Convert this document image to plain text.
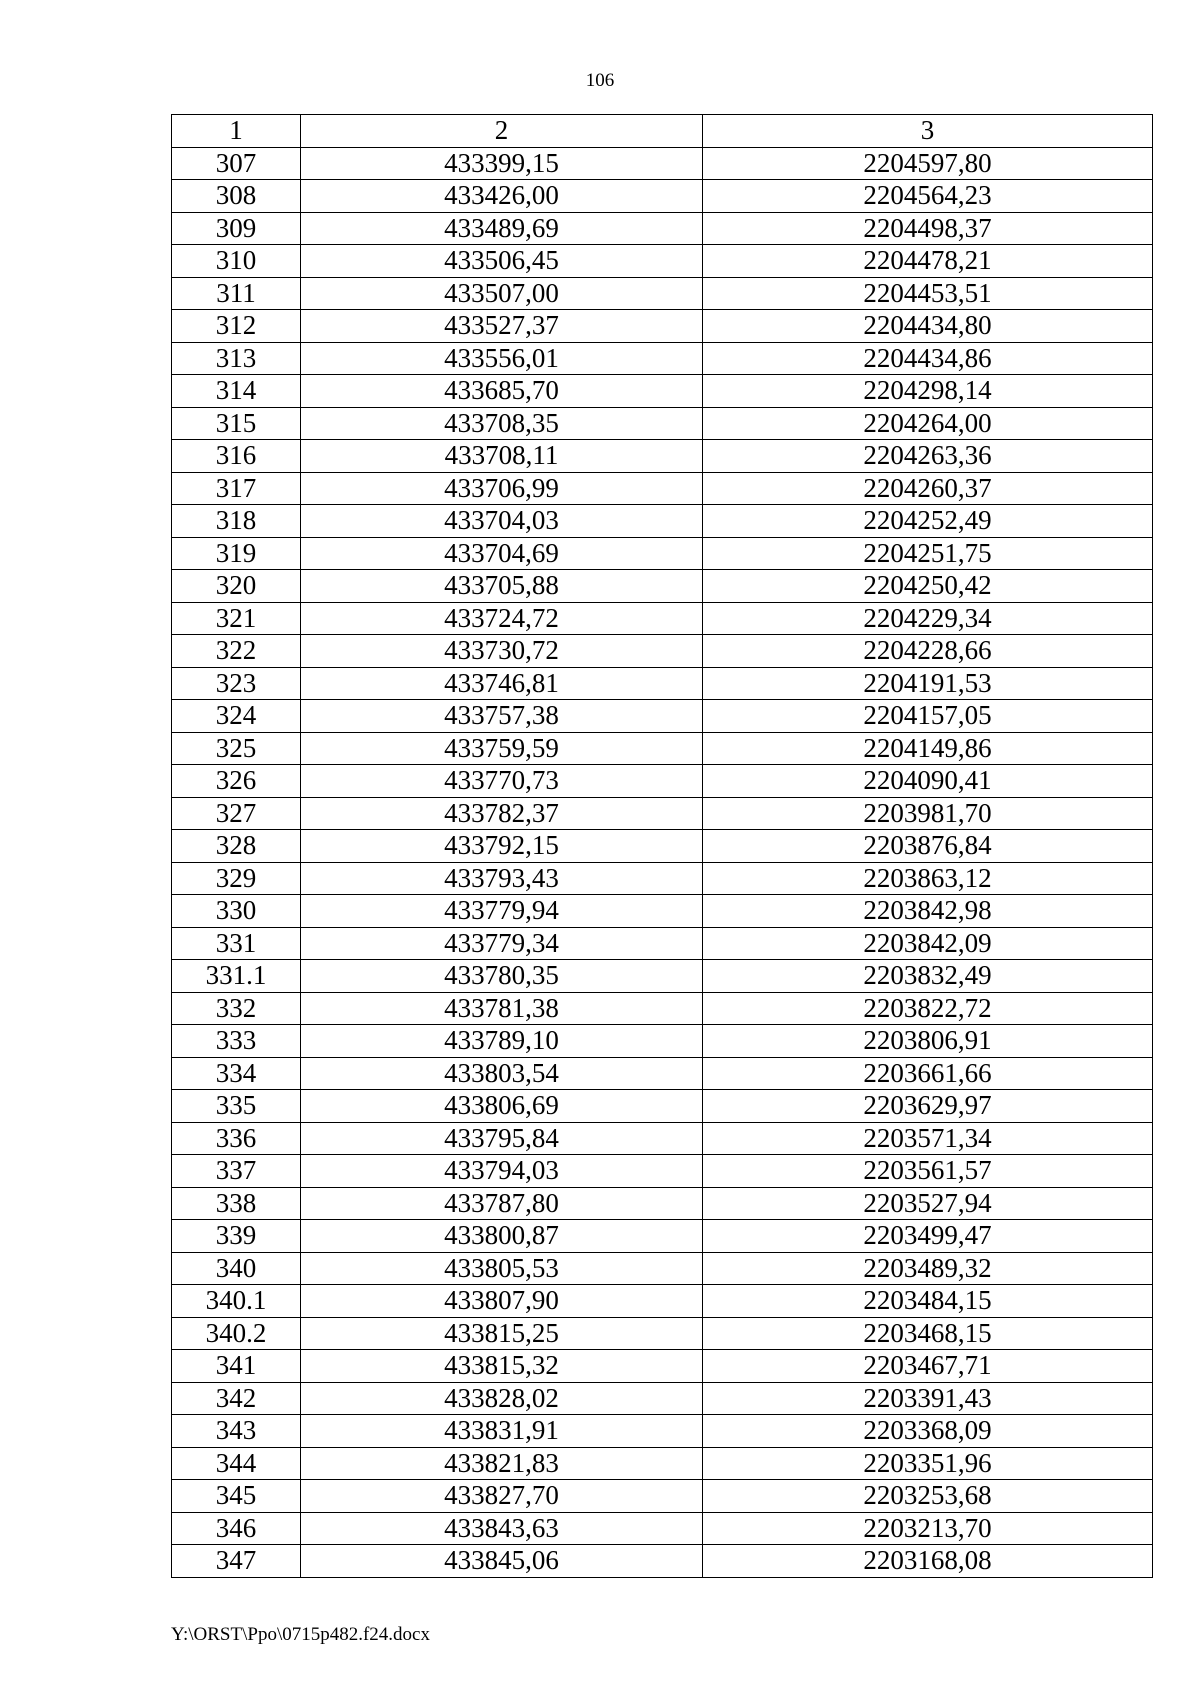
106
1	2	3
307	433399,15	2204597,80
308	433426,00	2204564,23
309	433489,69	2204498,37
310	433506,45	2204478,21
311	433507,00	2204453,51
312	433527,37	2204434,80
313	433556,01	2204434,86
314	433685,70	2204298,14
315	433708,35	2204264,00
316	433708,11	2204263,36
317	433706,99	2204260,37
318	433704,03	2204252,49
319	433704,69	2204251,75
320	433705,88	2204250,42
321	433724,72	2204229,34
322	433730,72	2204228,66
323	433746,81	2204191,53
324	433757,38	2204157,05
325	433759,59	2204149,86
326	433770,73	2204090,41
327	433782,37	2203981,70
328	433792,15	2203876,84
329	433793,43	2203863,12
330	433779,94	2203842,98
331	433779,34	2203842,09
331.1	433780,35	2203832,49
332	433781,38	2203822,72
333	433789,10	2203806,91
334	433803,54	2203661,66
335	433806,69	2203629,97
336	433795,84	2203571,34
337	433794,03	2203561,57
338	433787,80	2203527,94
339	433800,87	2203499,47
340	433805,53	2203489,32
340.1	433807,90	2203484,15
340.2	433815,25	2203468,15
341	433815,32	2203467,71
342	433828,02	2203391,43
343	433831,91	2203368,09
344	433821,83	2203351,96
345	433827,70	2203253,68
346	433843,63	2203213,70
347	433845,06	2203168,08
Y:\ORST\Ppo\0715p482.f24.docx
